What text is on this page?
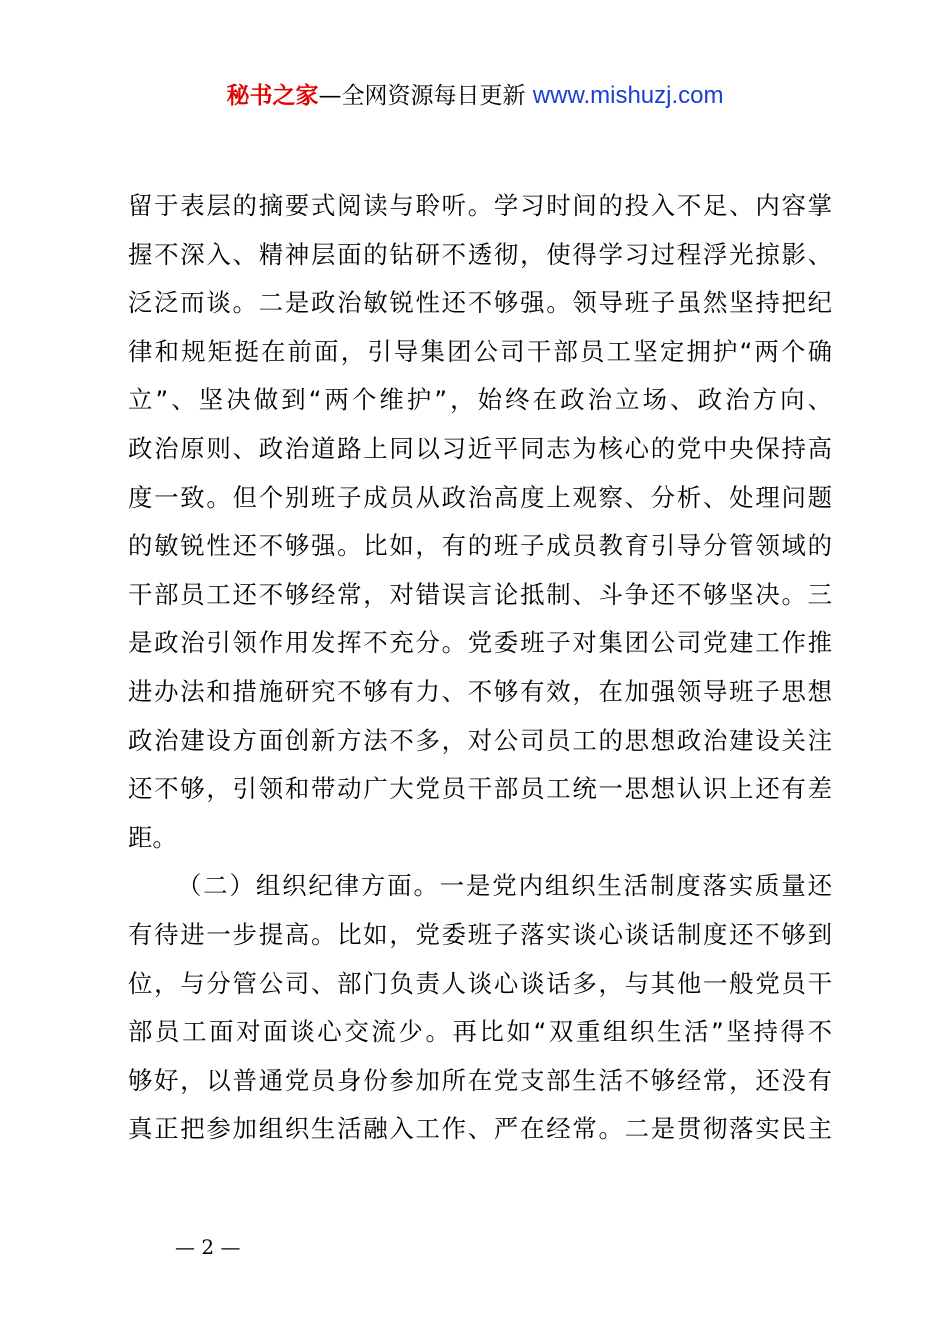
秘书之家—全网资源每日更新 www.mishuzj.com

留于表层的摘要式阅读与聆听。学习时间的投入不足、内容掌
握不深入、精神层面的钻研不透彻，使得学习过程浮光掠影、
泛泛而谈。二是政治敏锐性还不够强。领导班子虽然坚持把纪
律和规矩挺在前面，引导集团公司干部员工坚定拥护“两个确
立”、坚决做到“两个维护”，始终在政治立场、政治方向、
政治原则、政治道路上同以习近平同志为核心的党中央保持高
度一致。但个别班子成员从政治高度上观察、分析、处理问题
的敏锐性还不够强。比如，有的班子成员教育引导分管领域的
干部员工还不够经常，对错误言论抵制、斗争还不够坚决。三
是政治引领作用发挥不充分。党委班子对集团公司党建工作推
进办法和措施研究不够有力、不够有效，在加强领导班子思想
政治建设方面创新方法不多，对公司员工的思想政治建设关注
还不够，引领和带动广大党员干部员工统一思想认识上还有差
距。

（二）组织纪律方面。一是党内组织生活制度落实质量还
有待进一步提高。比如，党委班子落实谈心谈话制度还不够到
位，与分管公司、部门负责人谈心谈话多，与其他一般党员干
部员工面对面谈心交流少。再比如“双重组织生活”坚持得不
够好，以普通党员身份参加所在党支部生活不够经常，还没有
真正把参加组织生活融入工作、严在经常。二是贯彻落实民主

— 2 —
